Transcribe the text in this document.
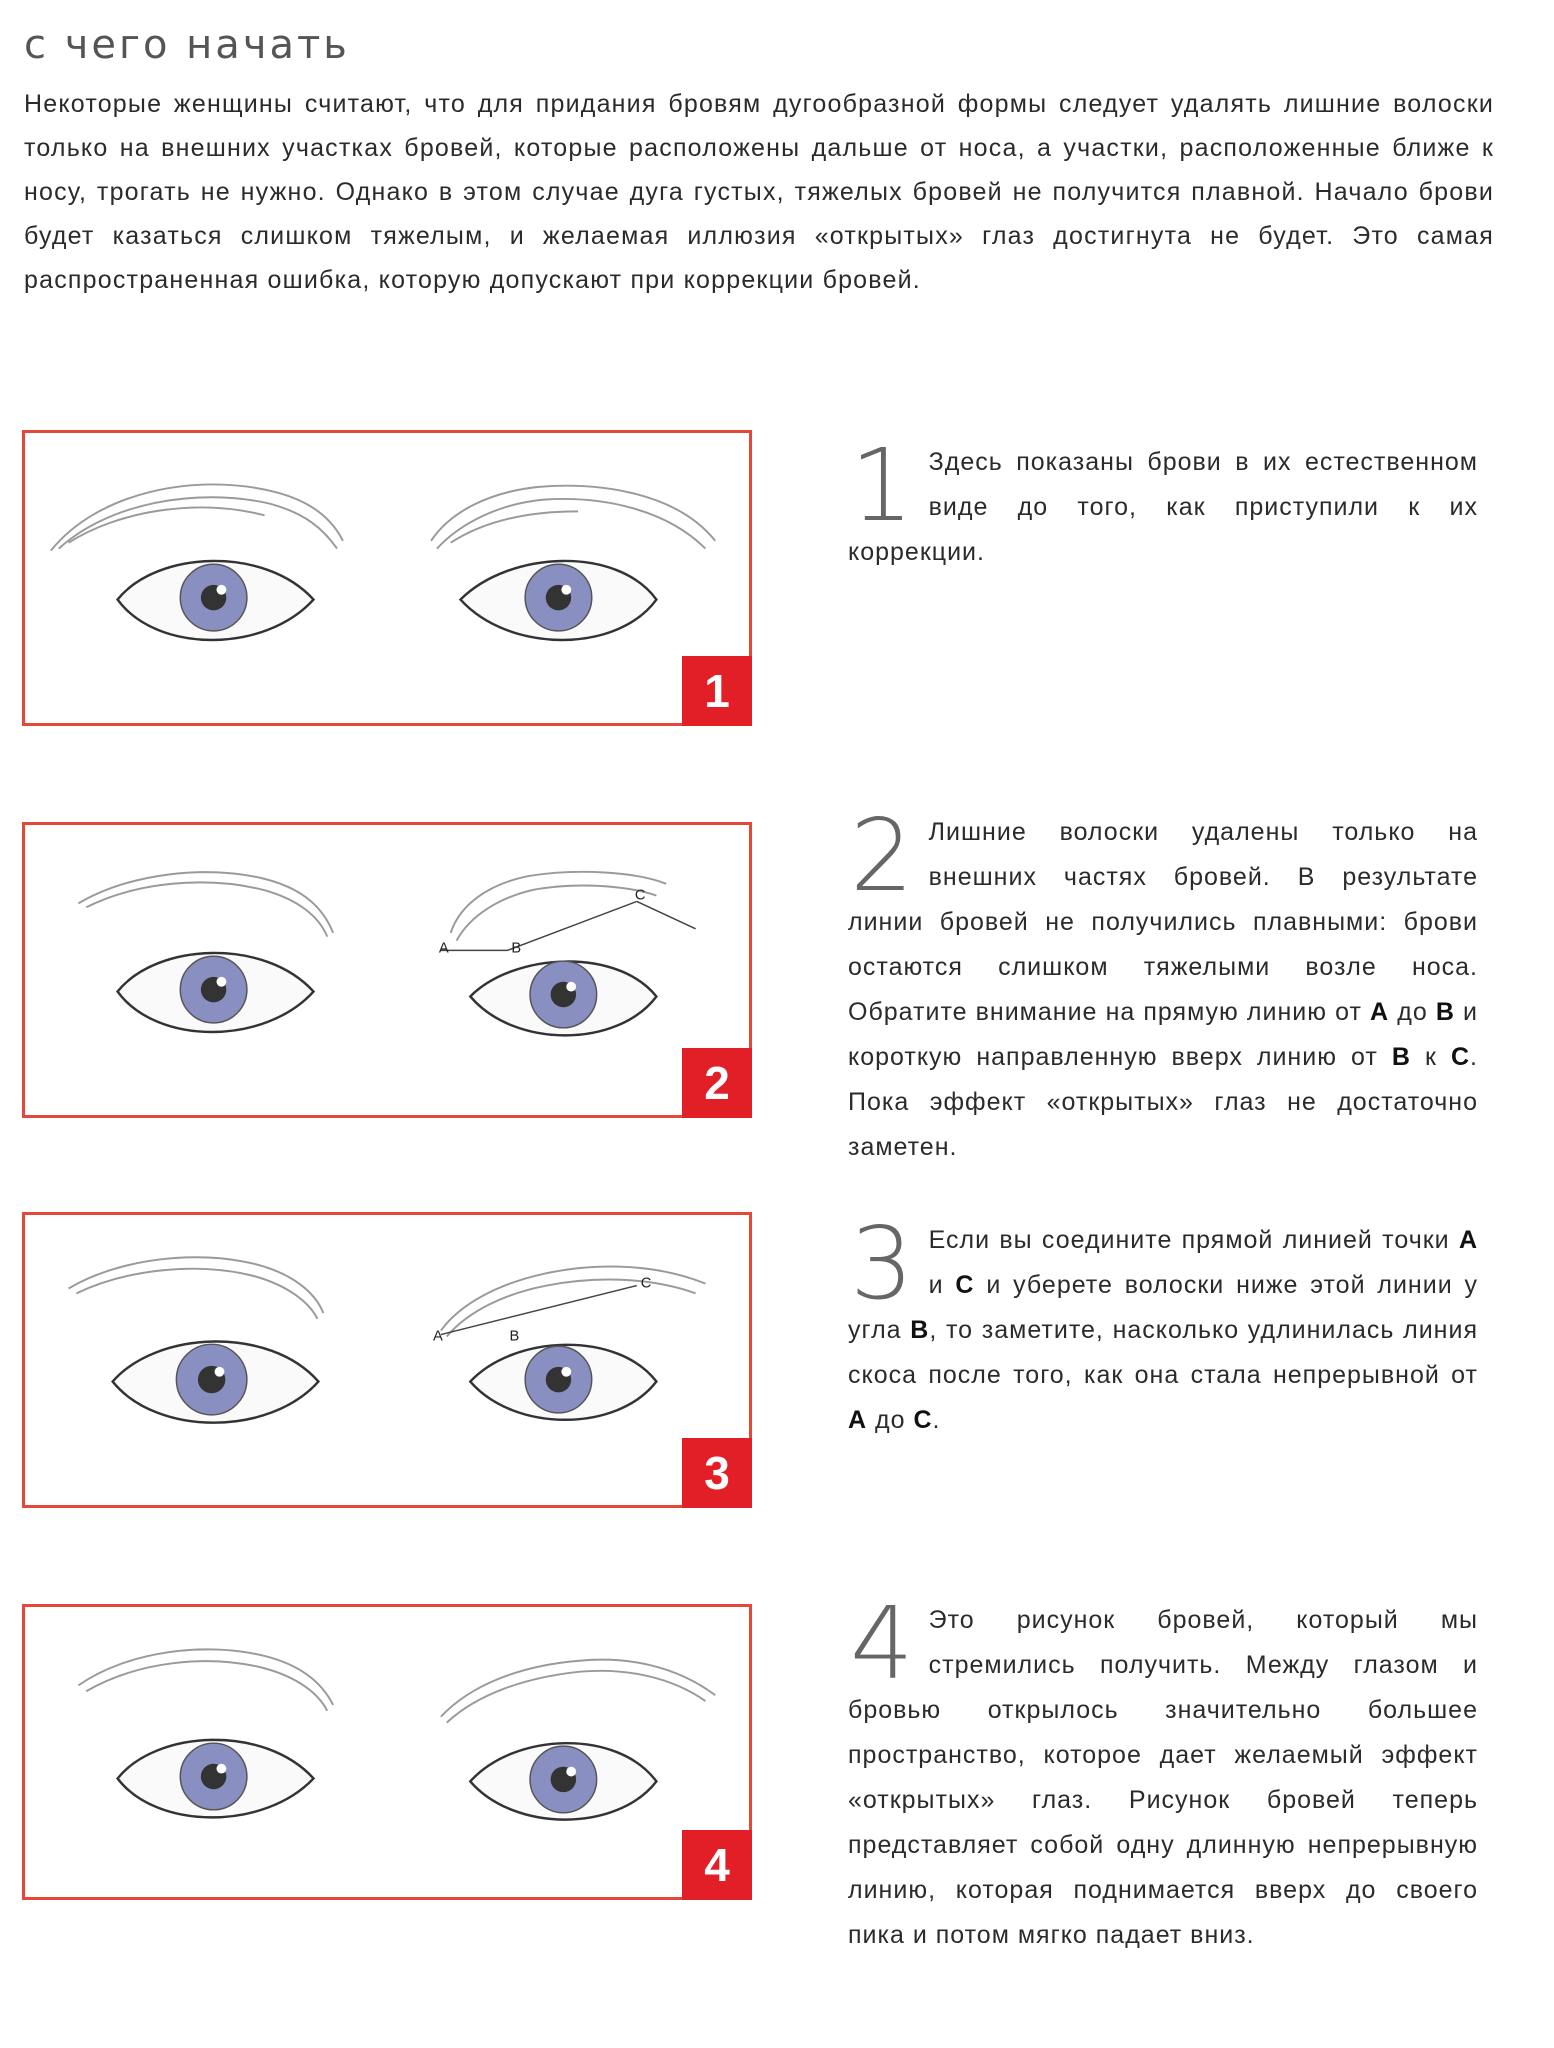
с чего начать
Некоторые женщины считают, что для придания бровям дугообразной формы следует удалять лишние волоски только на внешних участках бровей, которые расположены дальше от носа, а участки, расположенные ближе к носу, трогать не нужно. Однако в этом случае дуга густых, тяжелых бровей не получится плавной. Начало брови будет казаться слишком тяжелым, и желаемая иллюзия «открытых» глаз достигнута не будет. Это самая распространенная ошибка, которую допускают при коррекции бровей.
1
A	B
C
2
A	B
C
3
4
1 Здесь показаны брови в их естественном виде до того, как приступили к их коррекции.
2 Лишние волоски удалены только на внешних частях бровей. В результате линии бровей не получились плавными: брови остаются слишком тяжелыми возле носа. Обратите внимание на прямую линию от A до B и короткую направленную вверх линию от B к C. Пока эффект «открытых» глаз не достаточно заметен.
3 Если вы соедините прямой линией точки A и C и уберете волоски ниже этой линии у угла B, то заметите, насколько удлинилась линия скоса после того, как она стала непрерывной от A до C.
4 Это рисунок бровей, который мы стремились получить. Между глазом и бровью открылось значительно большее пространство, которое дает желаемый эффект «открытых» глаз. Рисунок бровей теперь представляет собой одну длинную непрерывную линию, которая поднимается вверх до своего пика и потом мягко падает вниз.
